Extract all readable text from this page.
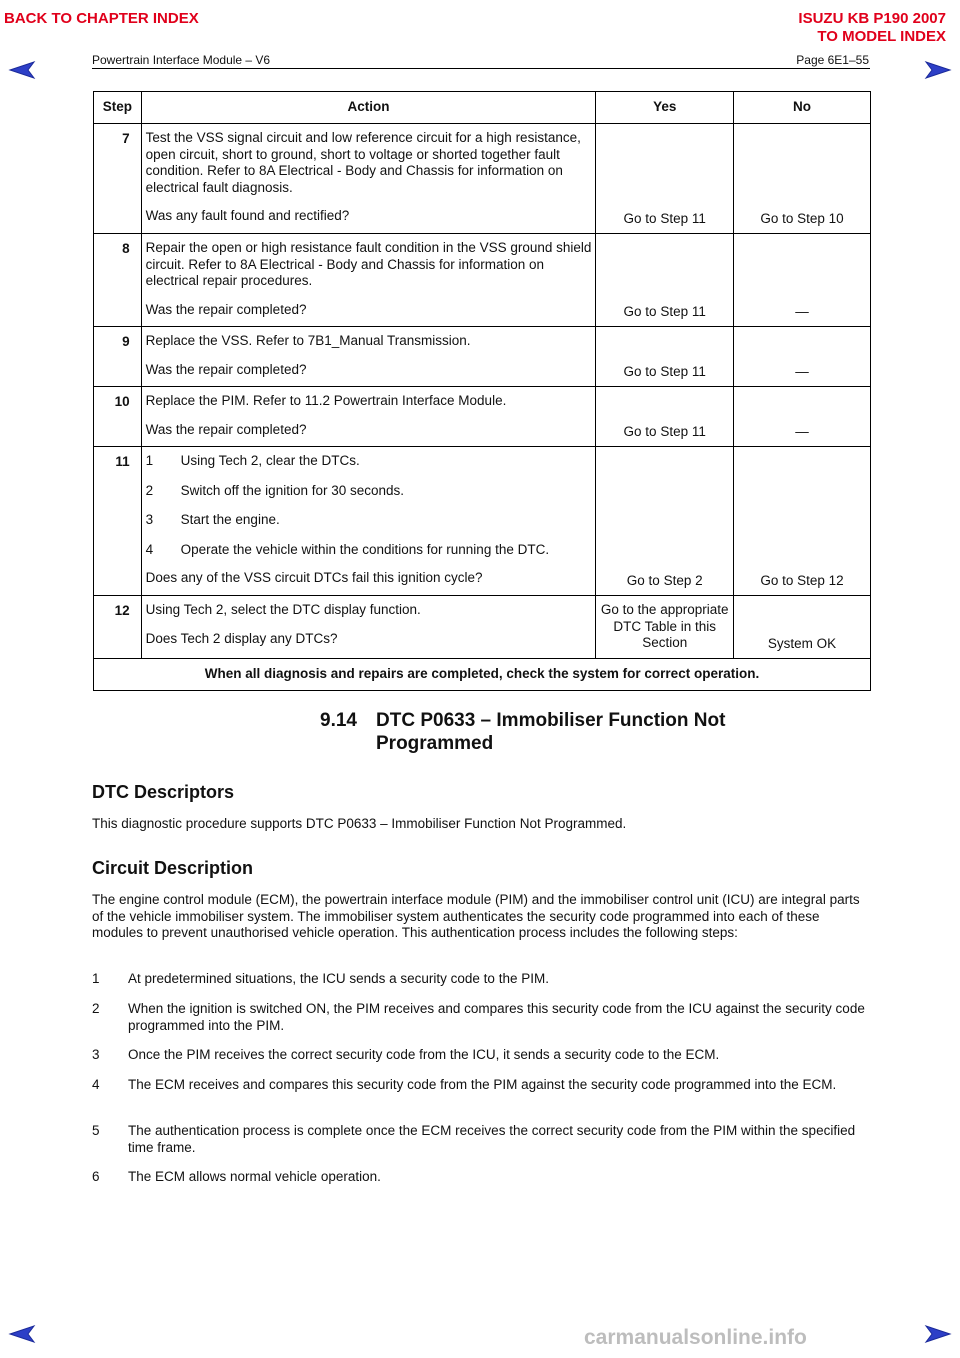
BACK TO CHAPTER INDEX	ISUZU KB P190 2007
TO MODEL INDEX
Powertrain Interface Module – V6	Page 6E1–55
Step	Action	Yes	No

7	Test the VSS signal circuit and low reference circuit for a high resistance, open circuit, short to ground, short to voltage or shorted together fault condition. Refer to 8A Electrical - Body and Chassis for information on electrical fault diagnosis.

Was any fault found and rectified?	Go to Step 11	Go to Step 10

8	Repair the open or high resistance fault condition in the VSS ground shield circuit. Refer to 8A Electrical - Body and Chassis for information on electrical repair procedures.

Was the repair completed?	Go to Step 11	—

9	Replace the VSS. Refer to 7B1_Manual Transmission.

Was the repair completed?	Go to Step 11	—

10	Replace the PIM. Refer to 11.2 Powertrain Interface Module.

Was the repair completed?	Go to Step 11	—

11	1 Using Tech 2, clear the DTCs.

2 Switch off the ignition for 30 seconds.

3 Start the engine.

4 Operate the vehicle within the conditions for running the DTC.

Does any of the VSS circuit DTCs fail this ignition cycle?	Go to Step 2	Go to Step 12

12	Using Tech 2, select the DTC display function.

Does Tech 2 display any DTCs?	Go to the appropriate DTC Table in this Section	System OK
When all diagnosis and repairs are completed, check the system for correct operation.			
9.14 DTC P0633 – Immobiliser Function Not
Programmed
DTC Descriptors

This diagnostic procedure supports DTC P0633 – Immobiliser Function Not Programmed.

Circuit Description

The engine control module (ECM), the powertrain interface module (PIM) and the immobiliser control unit (ICU) are integral parts of the vehicle immobiliser system. The immobiliser system authenticates the security code programmed into each of these modules to prevent unauthorised vehicle operation. This authentication process includes the following steps:

1	At predetermined situations, the ICU sends a security code to the PIM.
2	When the ignition is switched ON, the PIM receives and compares this security code from the ICU against the security code programmed into the PIM.
3	Once the PIM receives the correct security code from the ICU, it sends a security code to the ECM.
4	The ECM receives and compares this security code from the PIM against the security code programmed into the ECM.
5	The authentication process is complete once the ECM receives the correct security code from the PIM within the specified time frame.
6	The ECM allows normal vehicle operation.
carmanualsonline.info
